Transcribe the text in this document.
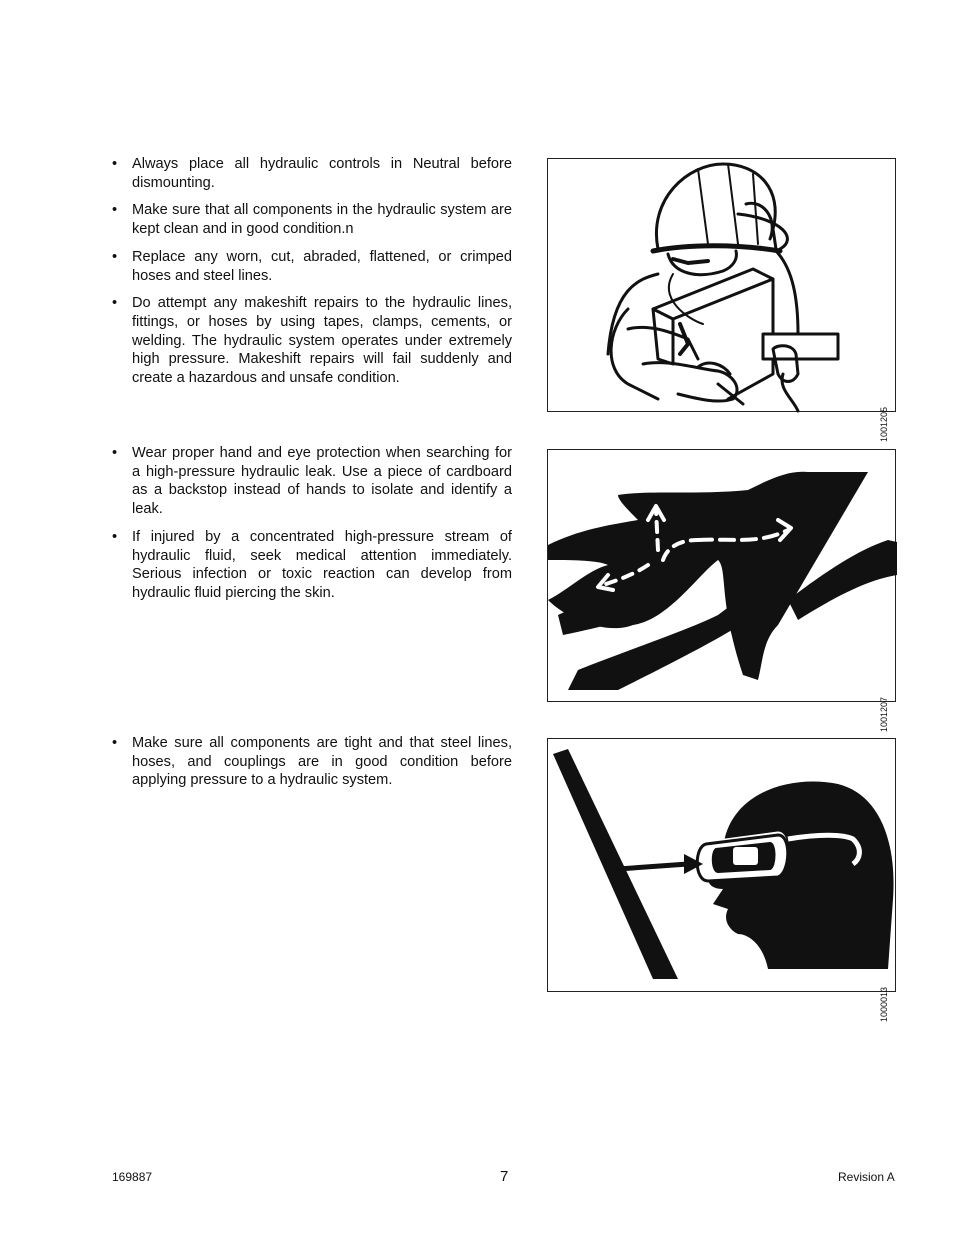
• Always place all hydraulic controls in Neutral before dismounting.
• Make sure that all components in the hydraulic system are kept clean and in good condition.n
• Replace any worn, cut, abraded, flattened, or crimped hoses and steel lines.
• Do attempt any makeshift repairs to the hydraulic lines, fittings, or hoses by using tapes, clamps, cements, or welding. The hydraulic system operates under extremely high pressure. Makeshift repairs will fail suddenly and create a hazardous and unsafe condition.
1001205
• Wear proper hand and eye protection when searching for a high-pressure hydraulic leak. Use a piece of cardboard as a backstop instead of hands to isolate and identify a leak.
• If injured by a concentrated high-pressure stream of hydraulic fluid, seek medical attention immediately. Serious infection or toxic reaction can develop from hydraulic fluid piercing the skin.
1001207
• Make sure all components are tight and that steel lines, hoses, and couplings are in good condition before applying pressure to a hydraulic system.
1000013
169887	7	Revision A
